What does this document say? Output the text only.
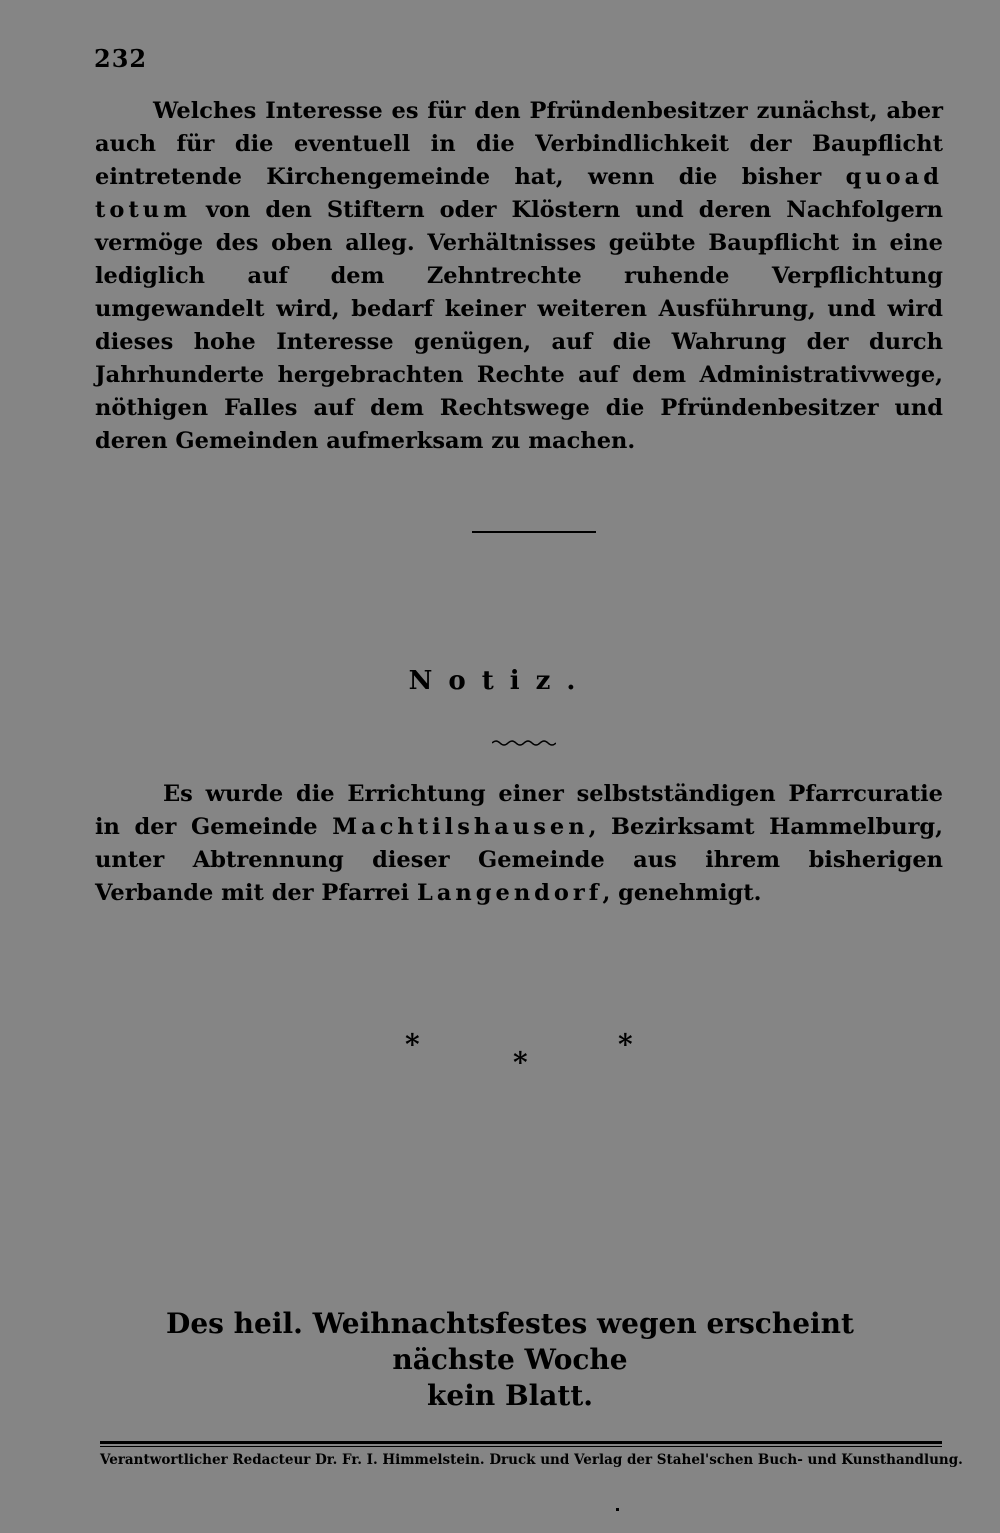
232
Welches Interesse es für den Pfründenbesitzer zunächst, aber auch für die eventuell in die Verbindlichkeit der Baupflicht eintretende Kirchengemeinde hat, wenn die bisher quoad totum von den Stiftern oder Klöstern und deren Nachfolgern vermöge des oben alleg. Verhältnisses geübte Baupflicht in eine lediglich auf dem Zehntrechte ruhende Verpflichtung umgewandelt wird, bedarf keiner weiteren Ausführung, und wird dieses hohe Interesse genügen, auf die Wahrung der durch Jahrhunderte hergebrachten Rechte auf dem Administrativwege, nöthigen Falles auf dem Rechtswege die Pfründenbesitzer und deren Gemeinden aufmerksam zu machen.
Notiz.
Es wurde die Errichtung einer selbstständigen Pfarrcuratie in der Gemeinde Machtilshausen, Bezirksamt Hammelburg, unter Abtrennung dieser Gemeinde aus ihrem bisherigen Verbande mit der Pfarrei Langendorf, genehmigt.
*
*
*
Des heil. Weihnachtsfestes wegen erscheint nächste Woche
kein Blatt.
Verantwortlicher Redacteur Dr. Fr. I. Himmelstein. Druck und Verlag der Stahel'schen Buch- und Kunsthandlung.
